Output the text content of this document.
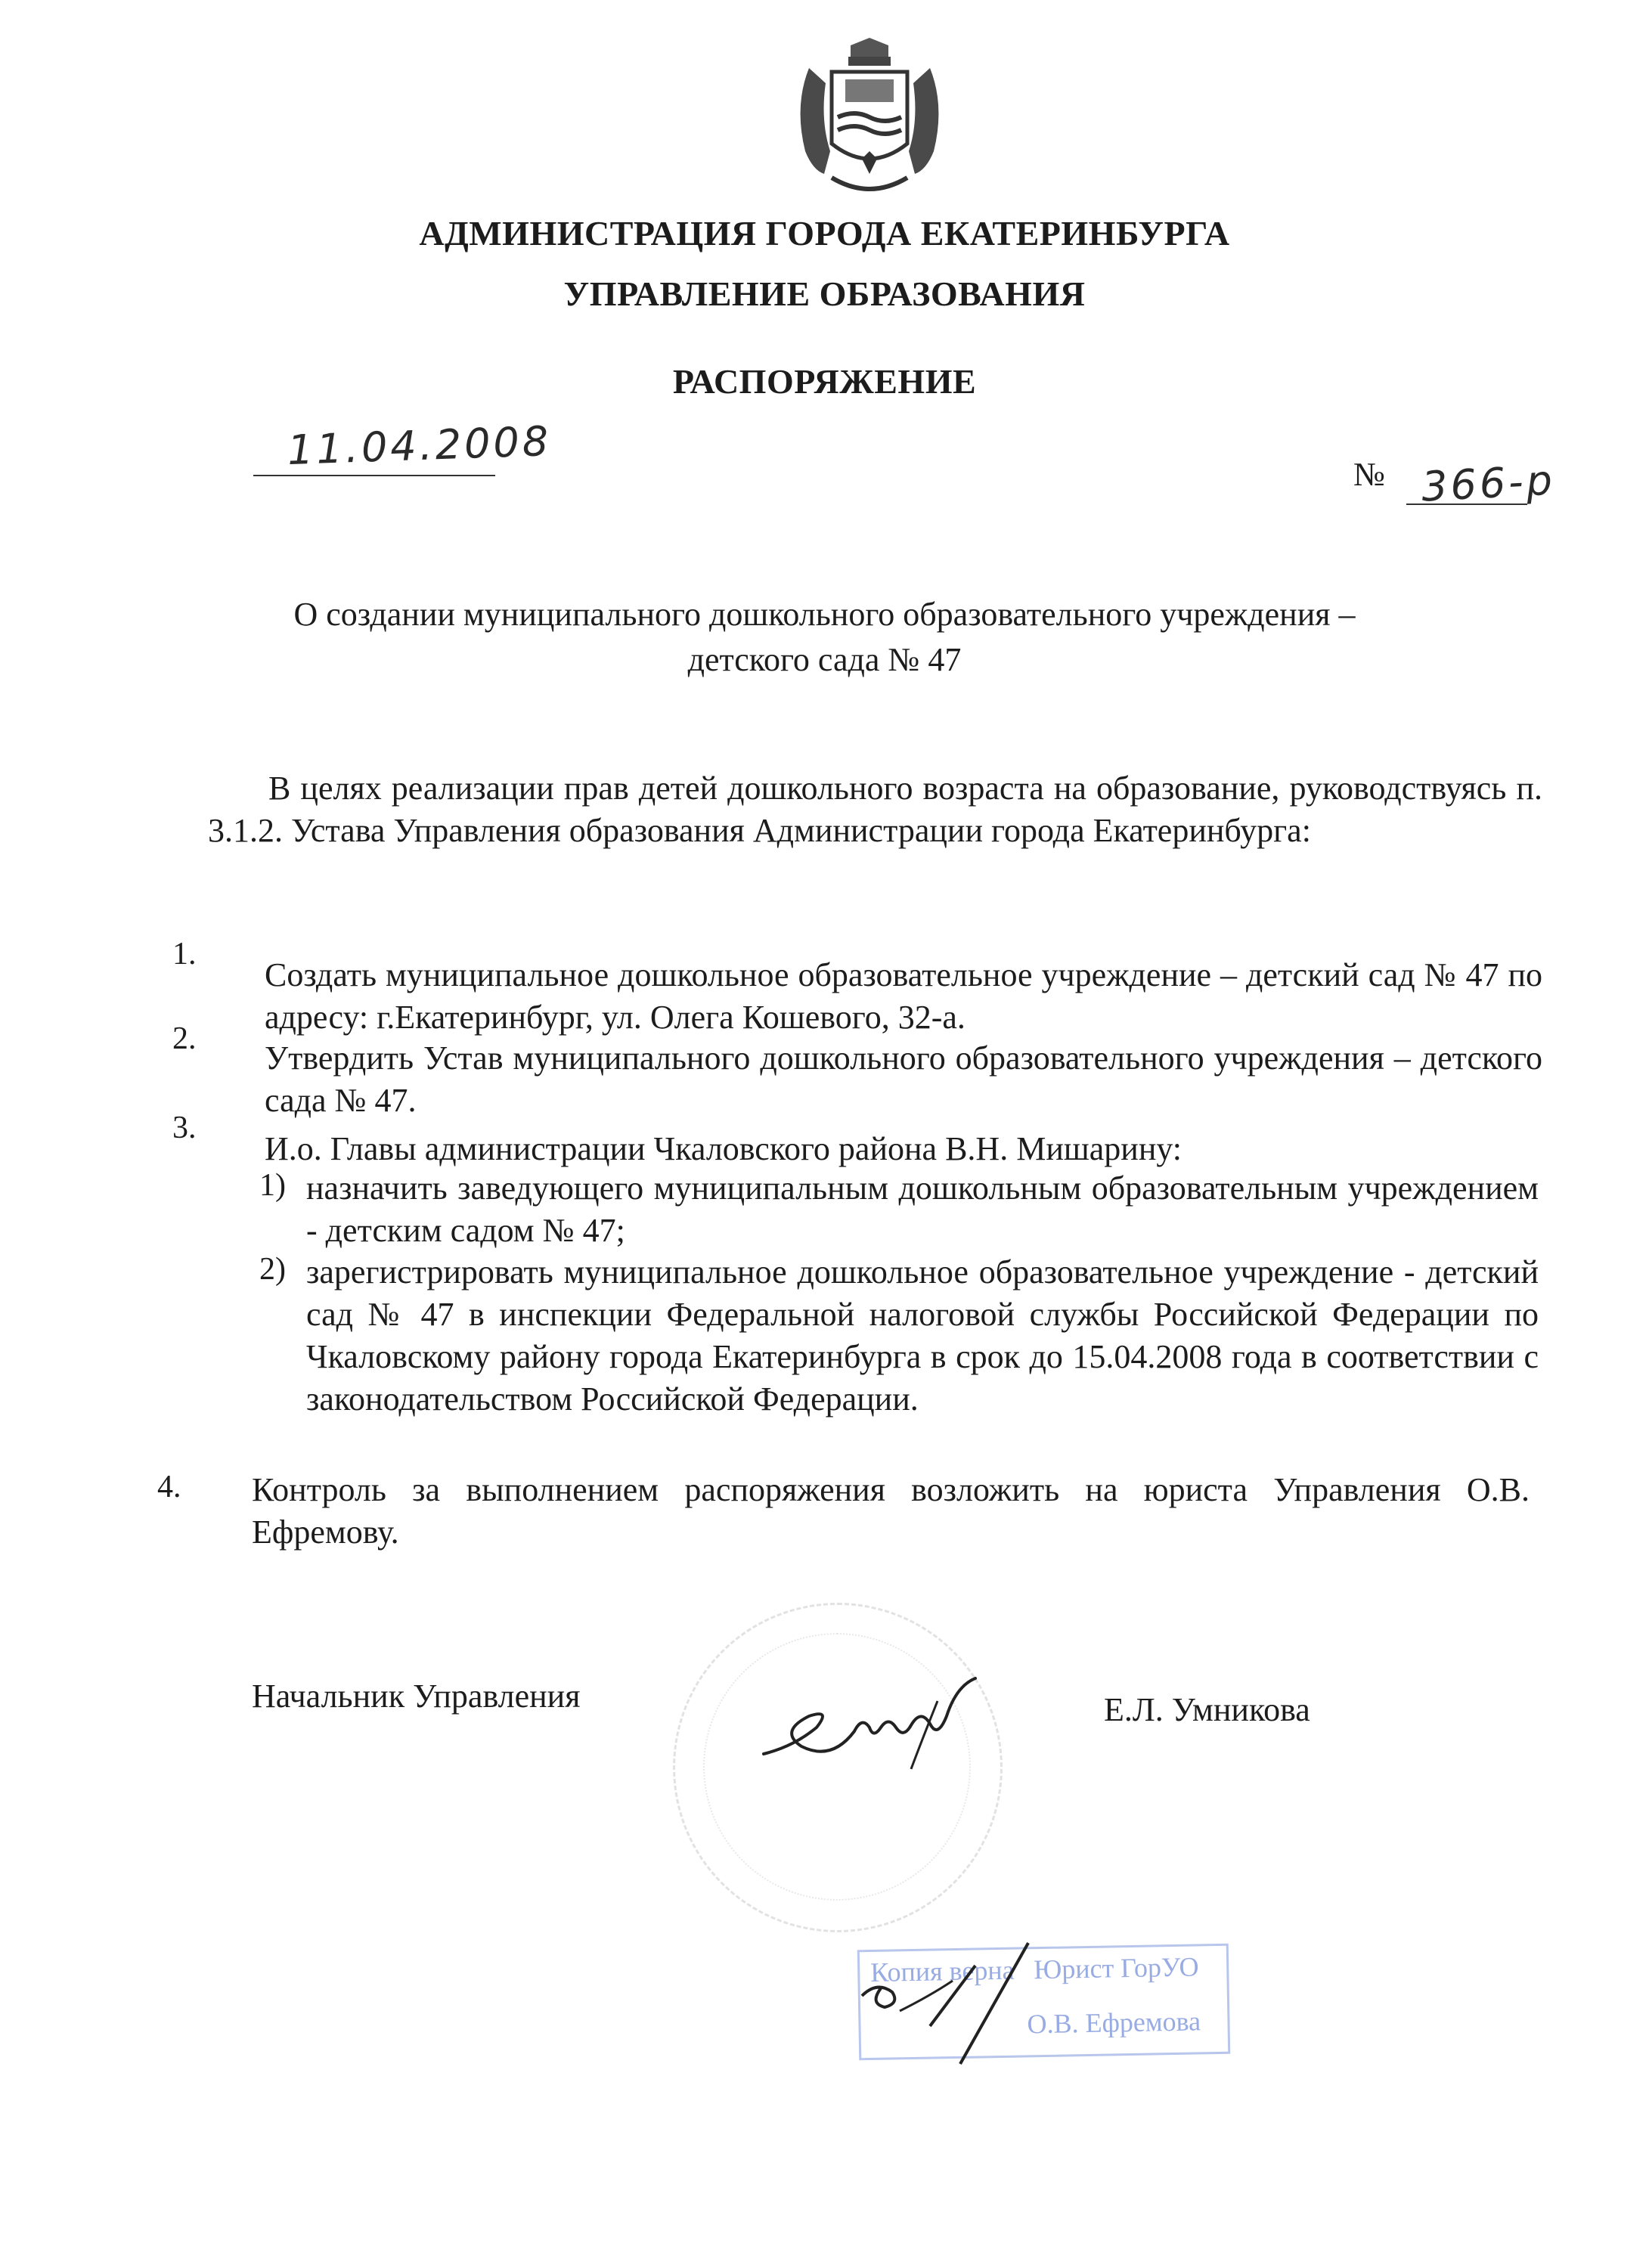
АДМИНИСТРАЦИЯ ГОРОДА ЕКАТЕРИНБУРГА
УПРАВЛЕНИЕ ОБРАЗОВАНИЯ
РАСПОРЯЖЕНИЕ
11.04.2008
№ 366-р
О создании муниципального дошкольного образовательного учреждения –
детского сада № 47
В целях реализации прав детей дошкольного возраста на образование, руководствуясь п. 3.1.2. Устава Управления образования Администрации города Екатеринбурга:
1.
Создать муниципальное дошкольное образовательное учреждение – детский сад № 47 по адресу: г.Екатеринбург, ул. Олега Кошевого, 32-а.
2.
Утвердить Устав муниципального дошкольного образовательного учреждения – детского сада № 47.
3.
И.о. Главы администрации Чкаловского района В.Н. Мишарину:
1) назначить заведующего муниципальным дошкольным образовательным учреждением - детским садом № 47;
2) зарегистрировать муниципальное дошкольное образовательное учреждение - детский сад № 47 в инспекции Федеральной налоговой службы Российской Федерации по Чкаловскому району города Екатеринбурга в срок до 15.04.2008 года в соответствии с законодательством Российской Федерации.
4. Контроль за выполнением распоряжения возложить на юриста Управления О.В. Ефремову.
Начальник Управления	Е.Л. Умникова
Копия верна Юрист ГорУО
О.В. Ефремова
